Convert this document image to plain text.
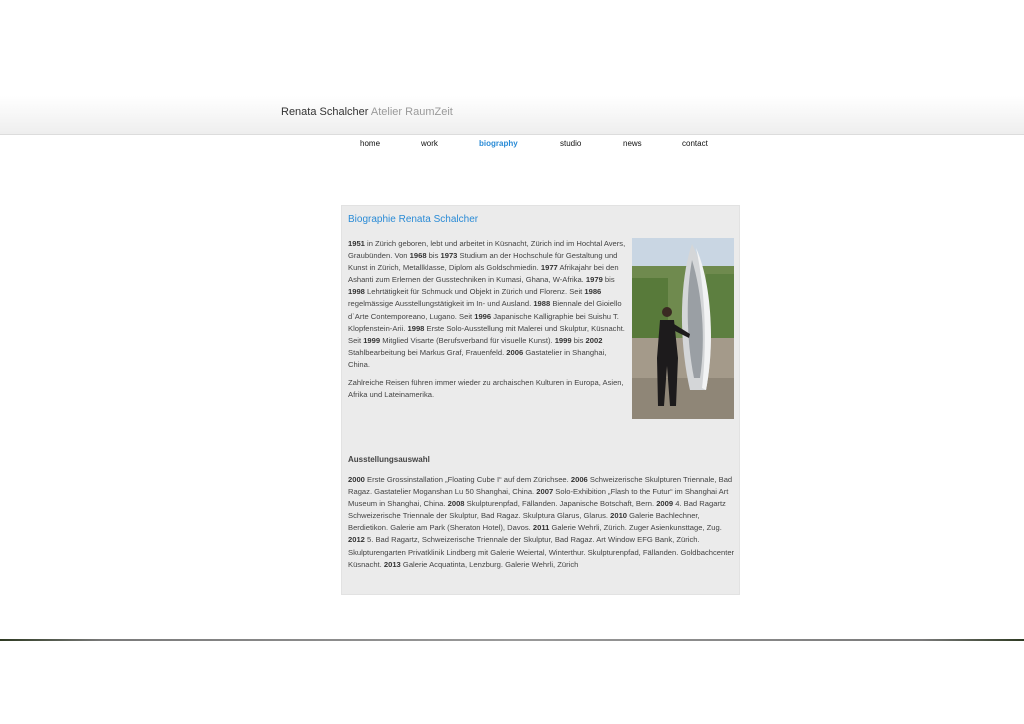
Renata Schalcher Atelier RaumZeit
home	work	biography	studio	news	contact
Biographie Renata Schalcher

1951 in Zürich geboren, lebt und arbeitet in Küsnacht, Zürich ind im Hochtal Avers, Graubünden. Von 1968 bis 1973 Studium an der Hochschule für Gestaltung und Kunst in Zürich, Metallklasse, Diplom als Goldschmiedin. 1977 Afrikajahr bei den Ashanti zum Erlernen der Gusstechniken in Kumasi, Ghana, W-Afrika. 1979 bis 1998 Lehrtätigkeit für Schmuck und Objekt in Zürich und Florenz. Seit 1986 regelmässige Ausstellungstätigkeit im In- und Ausland. 1988 Biennale del Gioiello d`Arte Contemporeano, Lugano. Seit 1996 Japanische Kalligraphie bei Suishu T. Klopfenstein-Arii. 1998 Erste Solo-Ausstellung mit Malerei und Skulptur, Küsnacht. Seit 1999 Mitglied Visarte (Berufsverband für visuelle Kunst). 1999 bis 2002 Stahlbearbeitung bei Markus Graf, Frauenfeld. 2006 Gastatelier in Shanghai, China.

Zahlreiche Reisen führen immer wieder zu archaischen Kulturen in Europa, Asien, Afrika und Lateinamerika.

Ausstellungsauswahl

2000 Erste Grossinstallation „Floating Cube I“ auf dem Zürichsee. 2006 Schweizerische Skulpturen Triennale, Bad Ragaz. Gastatelier Moganshan Lu 50 Shanghai, China. 2007 Solo-Exhibition „Flash to the Futur“ im Shanghai Art Museum in Shanghai, China. 2008 Skulpturenpfad, Fällanden. Japanische Botschaft, Bern. 2009 4. Bad Ragartz Schweizerische Triennale der Skulptur, Bad Ragaz. Skulptura Glarus, Glarus. 2010 Galerie Bachlechner, Berdietikon. Galerie am Park (Sheraton Hotel), Davos. 2011 Galerie Wehrli, Zürich. Zuger Asienkunsttage, Zug. 2012 5. Bad Ragartz, Schweizerische Triennale der Skulptur, Bad Ragaz. Art Window EFG Bank, Zürich. Skulpturengarten Privatklinik Lindberg mit Galerie Weiertal, Winterthur. Skulpturenpfad, Fällanden. Goldbachcenter Küsnacht. 2013 Galerie Acquatinta, Lenzburg. Galerie Wehrli, Zürich
